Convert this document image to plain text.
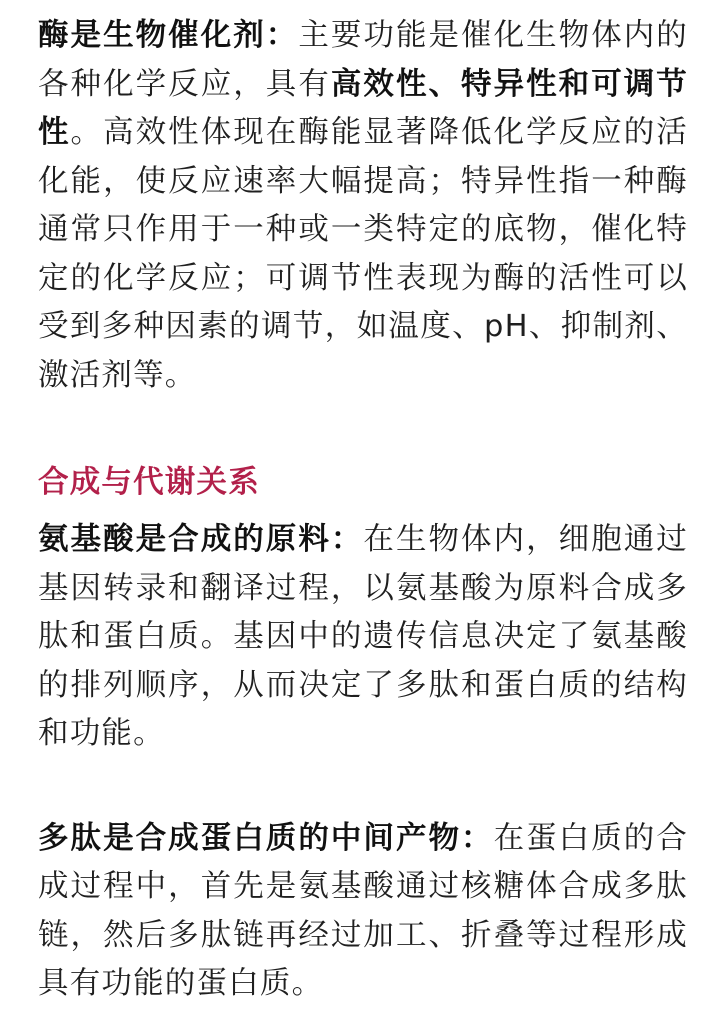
酶是生物催化剂：主要功能是催化生物体内的各种化学反应，具有高效性、特异性和可调节性。高效性体现在酶能显著降低化学反应的活化能，使反应速率大幅提高；特异性指一种酶通常只作用于一种或一类特定的底物，催化特定的化学反应；可调节性表现为酶的活性可以受到多种因素的调节，如温度、pH、抑制剂、激活剂等。

合成与代谢关系

氨基酸是合成的原料：在生物体内，细胞通过基因转录和翻译过程，以氨基酸为原料合成多肽和蛋白质。基因中的遗传信息决定了氨基酸的排列顺序，从而决定了多肽和蛋白质的结构和功能。

多肽是合成蛋白质的中间产物：在蛋白质的合成过程中，首先是氨基酸通过核糖体合成多肽链，然后多肽链再经过加工、折叠等过程形成具有功能的蛋白质。
